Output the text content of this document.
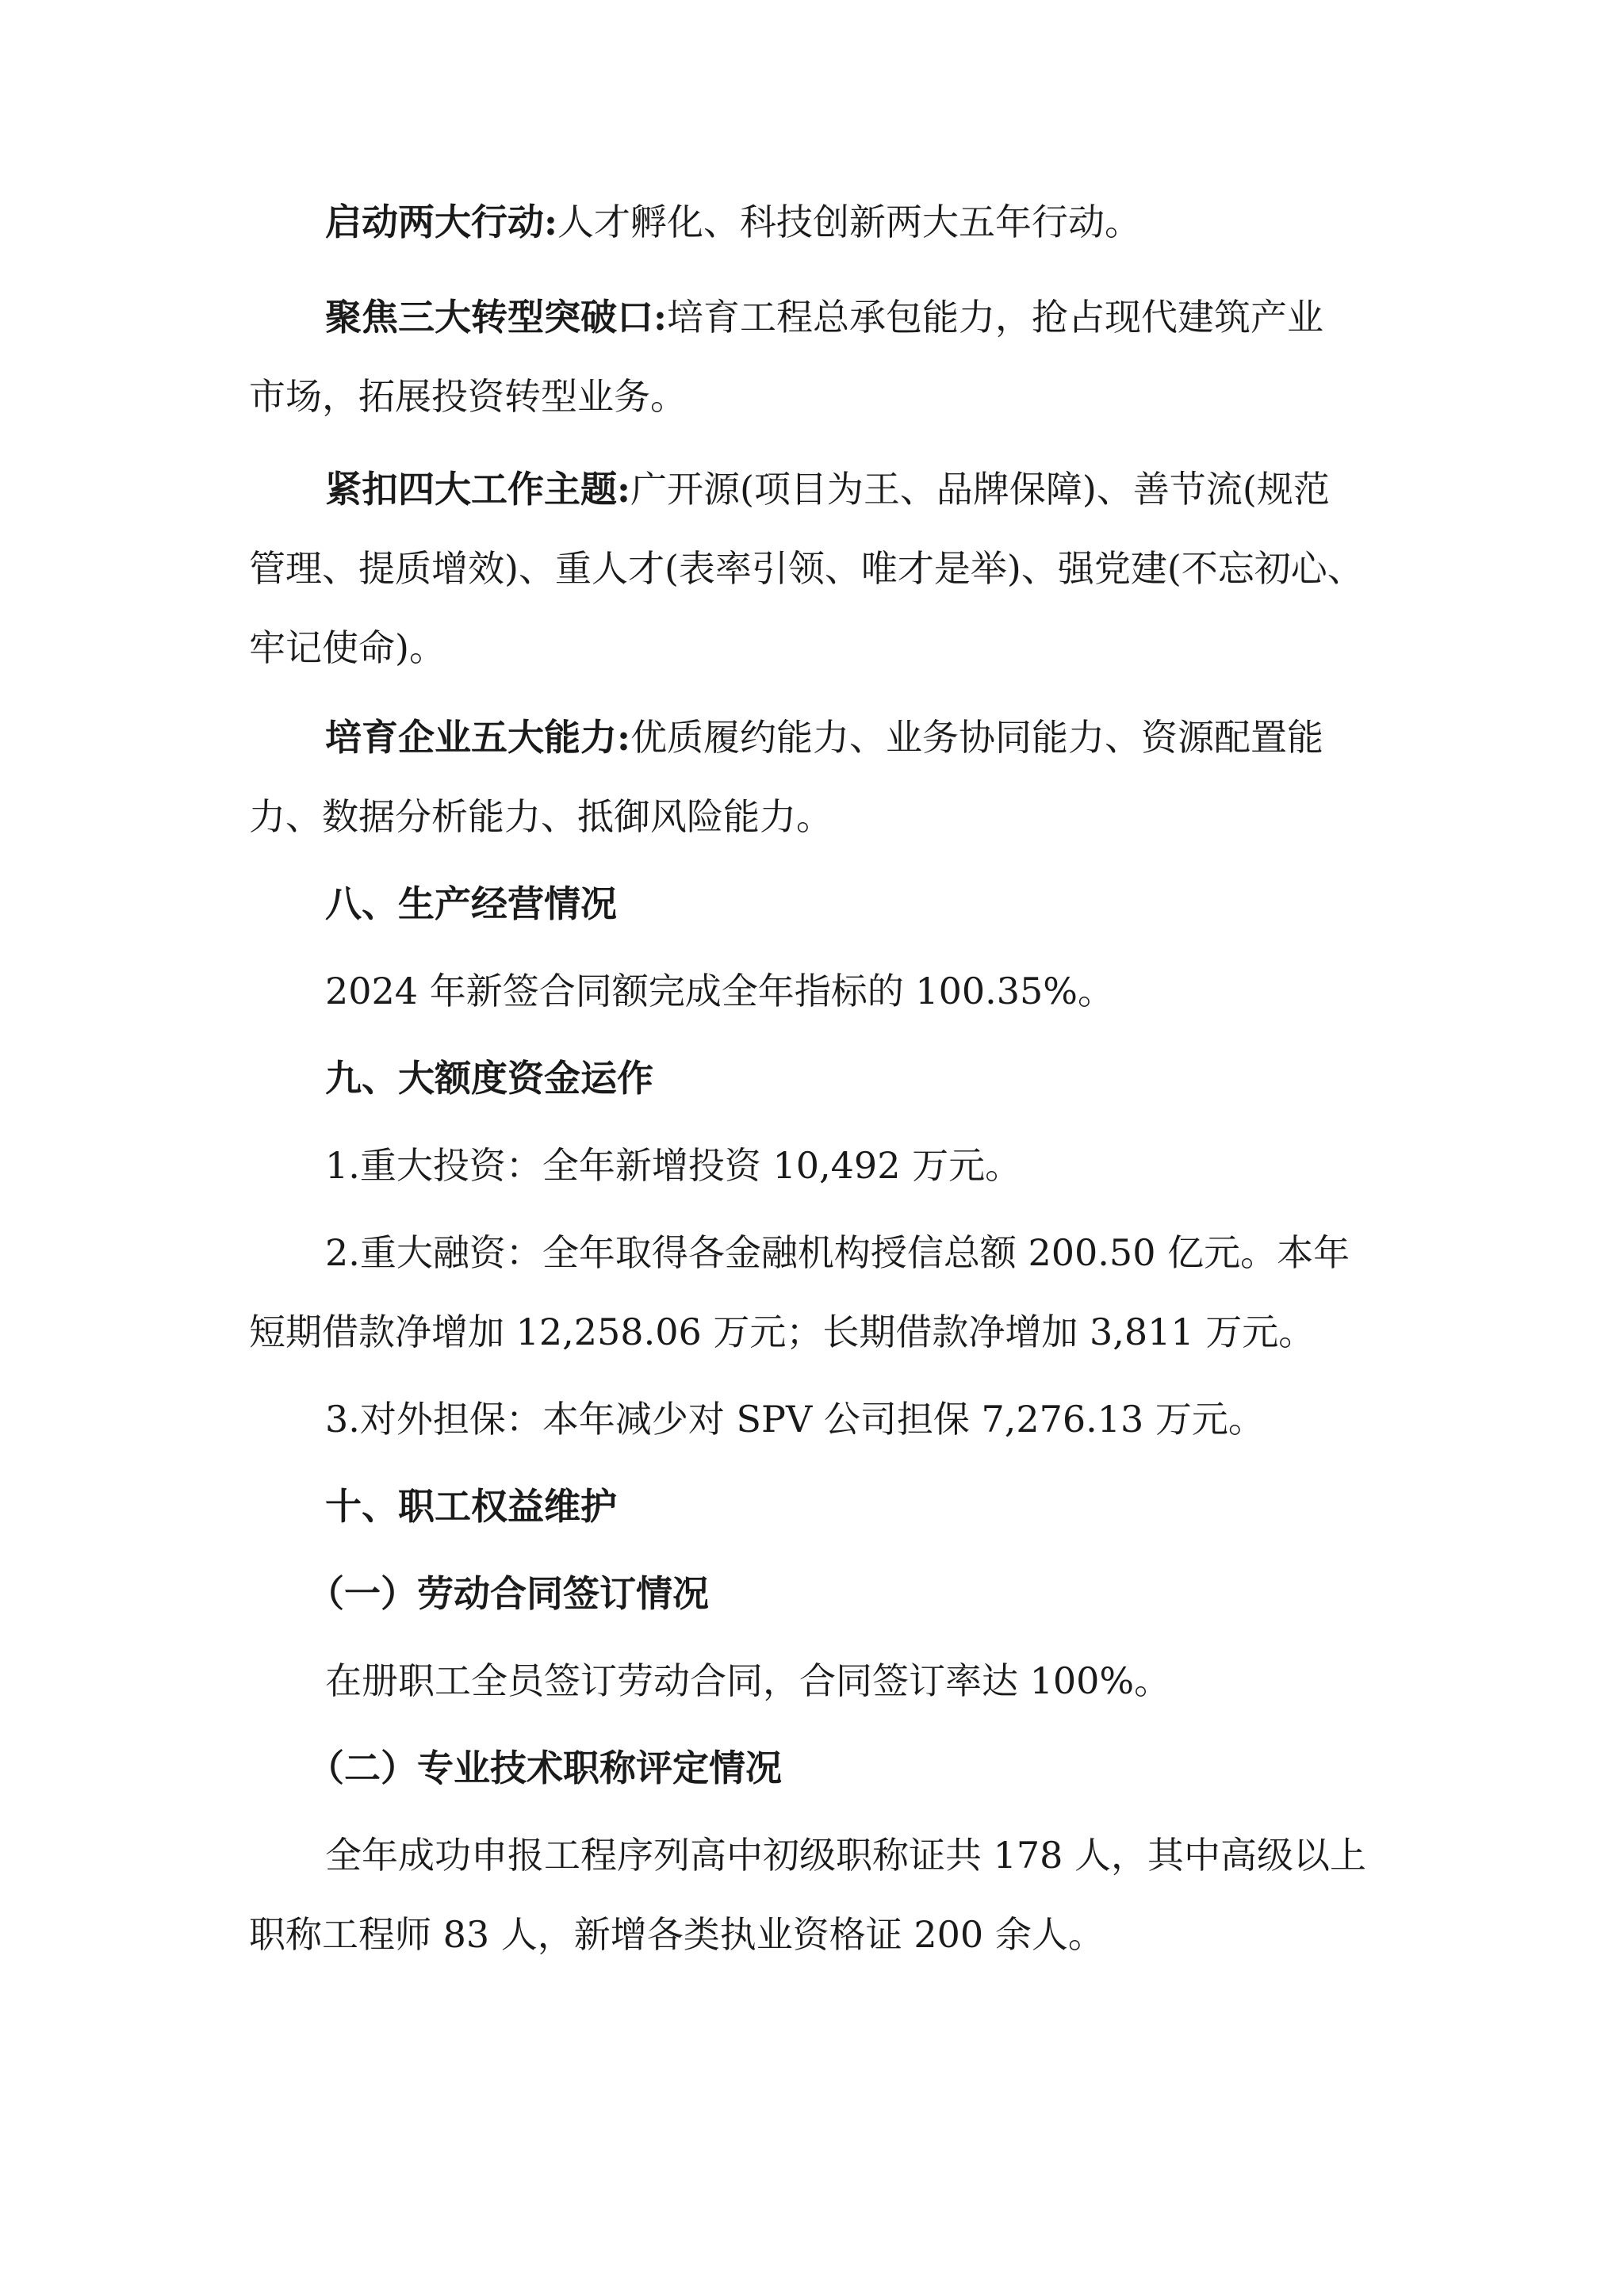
启动两大行动:人才孵化、科技创新两大五年行动。
聚焦三大转型突破口:培育工程总承包能力，抢占现代建筑产业
市场，拓展投资转型业务。
紧扣四大工作主题:广开源(项目为王、品牌保障)、善节流(规范
管理、提质增效)、重人才(表率引领、唯才是举)、强党建(不忘初心、
牢记使命)。
培育企业五大能力:优质履约能力、业务协同能力、资源配置能
力、数据分析能力、抵御风险能力。
八、生产经营情况
2024 年新签合同额完成全年指标的 100.35%。
九、大额度资金运作
1.重大投资：全年新增投资 10,492 万元。
2.重大融资：全年取得各金融机构授信总额 200.50 亿元。本年
短期借款净增加 12,258.06 万元；长期借款净增加 3,811 万元。
3.对外担保：本年减少对 SPV 公司担保 7,276.13 万元。
十、职工权益维护
（一）劳动合同签订情况
在册职工全员签订劳动合同，合同签订率达 100%。
（二）专业技术职称评定情况
全年成功申报工程序列高中初级职称证共 178 人，其中高级以上
职称工程师 83 人，新增各类执业资格证 200 余人。
